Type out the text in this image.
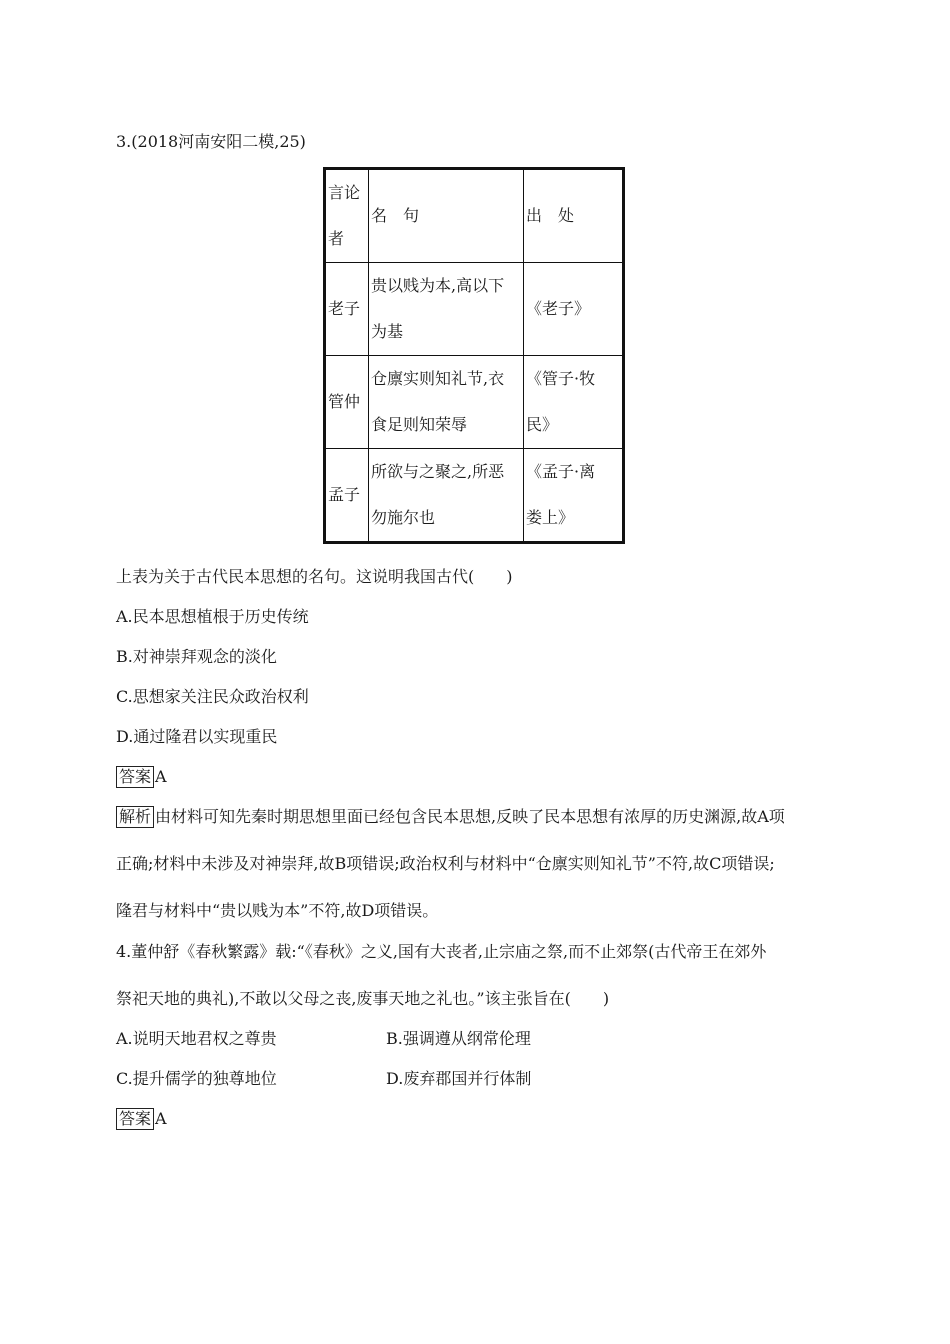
3.(2018河南安阳二模,25)
言论
者	名　句	出　处
老子	贵以贱为本,高以下
为基	《老子》
管仲	仓廪实则知礼节,衣
食足则知荣辱	《管子·牧
民》
孟子	所欲与之聚之,所恶
勿施尔也	《孟子·离
娄上》
上表为关于古代民本思想的名句。这说明我国古代(　　)
A.民本思想植根于历史传统
B.对神崇拜观念的淡化
C.思想家关注民众政治权利
D.通过隆君以实现重民
答案 A
解析 由材料可知先秦时期思想里面已经包含民本思想,反映了民本思想有浓厚的历史渊源,故A项
正确;材料中未涉及对神崇拜,故B项错误;政治权利与材料中“仓廪实则知礼节”不符,故C项错误;
隆君与材料中“贵以贱为本”不符,故D项错误。
4.董仲舒《春秋繁露》载:“《春秋》之义,国有大丧者,止宗庙之祭,而不止郊祭(古代帝王在郊外
祭祀天地的典礼),不敢以父母之丧,废事天地之礼也。”该主张旨在(　　)
A.说明天地君权之尊贵	B.强调遵从纲常伦理
C.提升儒学的独尊地位	D.废弃郡国并行体制
答案 A
